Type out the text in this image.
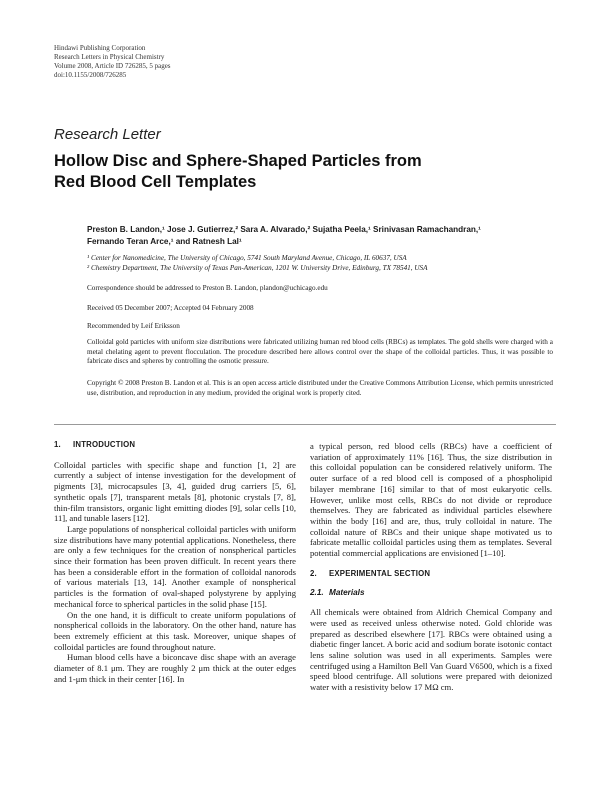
Hindawi Publishing Corporation
Research Letters in Physical Chemistry
Volume 2008, Article ID 726285, 5 pages
doi:10.1155/2008/726285
Research Letter
Hollow Disc and Sphere-Shaped Particles from
Red Blood Cell Templates
Preston B. Landon,¹ Jose J. Gutierrez,² Sara A. Alvarado,² Sujatha Peela,¹ Srinivasan Ramachandran,¹
Fernando Teran Arce,¹ and Ratnesh Lal¹
¹ Center for Nanomedicine, The University of Chicago, 5741 South Maryland Avenue, Chicago, IL 60637, USA
² Chemistry Department, The University of Texas Pan-American, 1201 W. University Drive, Edinburg, TX 78541, USA
Correspondence should be addressed to Preston B. Landon, plandon@uchicago.edu
Received 05 December 2007; Accepted 04 February 2008
Recommended by Leif Eriksson
Colloidal gold particles with uniform size distributions were fabricated utilizing human red blood cells (RBCs) as templates. The gold shells were charged with a metal chelating agent to prevent flocculation. The procedure described here allows control over the shape of the colloidal particles. Thus, it was possible to fabricate discs and spheres by controlling the osmotic pressure.
Copyright © 2008 Preston B. Landon et al. This is an open access article distributed under the Creative Commons Attribution License, which permits unrestricted use, distribution, and reproduction in any medium, provided the original work is properly cited.
1. INTRODUCTION

Colloidal particles with specific shape and function [1, 2] are currently a subject of intense investigation for the development of pigments [3], microcapsules [3, 4], guided drug carriers [5, 6], synthetic opals [7], transparent metals [8], photonic crystals [7, 8], thin-film transistors, organic light emitting diodes [9], solar cells [10, 11], and tunable lasers [12].

Large populations of nonspherical colloidal particles with uniform size distributions have many potential applications. Nonetheless, there are only a few techniques for the creation of nonspherical particles since their formation has been proven difficult. In recent years there has been a considerable effort in the formation of colloidal nanorods of various materials [13, 14]. Another example of nonspherical particles is the formation of oval-shaped polystyrene by applying mechanical force to spherical particles in the solid phase [15].

On the one hand, it is difficult to create uniform populations of nonspherical colloids in the laboratory. On the other hand, nature has been extremely efficient at this task. Moreover, unique shapes of colloidal particles are found throughout nature.

Human blood cells have a biconcave disc shape with an average diameter of 8.1 μm. They are roughly 2 μm thick at the outer edges and 1-μm thick in their center [16]. In

a typical person, red blood cells (RBCs) have a coefficient of variation of approximately 11% [16]. Thus, the size distribution in this colloidal population can be considered relatively uniform. The outer surface of a red blood cell is composed of a phospholipid bilayer membrane [16] similar to that of most eukaryotic cells. However, unlike most cells, RBCs do not divide or reproduce themselves. They are fabricated as individual particles elsewhere within the body [16] and are, thus, truly colloidal in nature. The colloidal nature of RBCs and their unique shape motivated us to fabricate metallic colloidal particles using them as templates. Several potential commercial applications are envisioned [1–10].

2. EXPERIMENTAL SECTION
2.1. Materials

All chemicals were obtained from Aldrich Chemical Company and were used as received unless otherwise noted. Gold chloride was prepared as described elsewhere [17]. RBCs were obtained using a diabetic finger lancet. A boric acid and sodium borate isotonic contact lens saline solution was used in all experiments. Samples were centrifuged using a Hamilton Bell Van Guard V6500, which is a fixed speed blood centrifuge. All solutions were prepared with deionized water with a resistivity below 17 MΩ cm.
